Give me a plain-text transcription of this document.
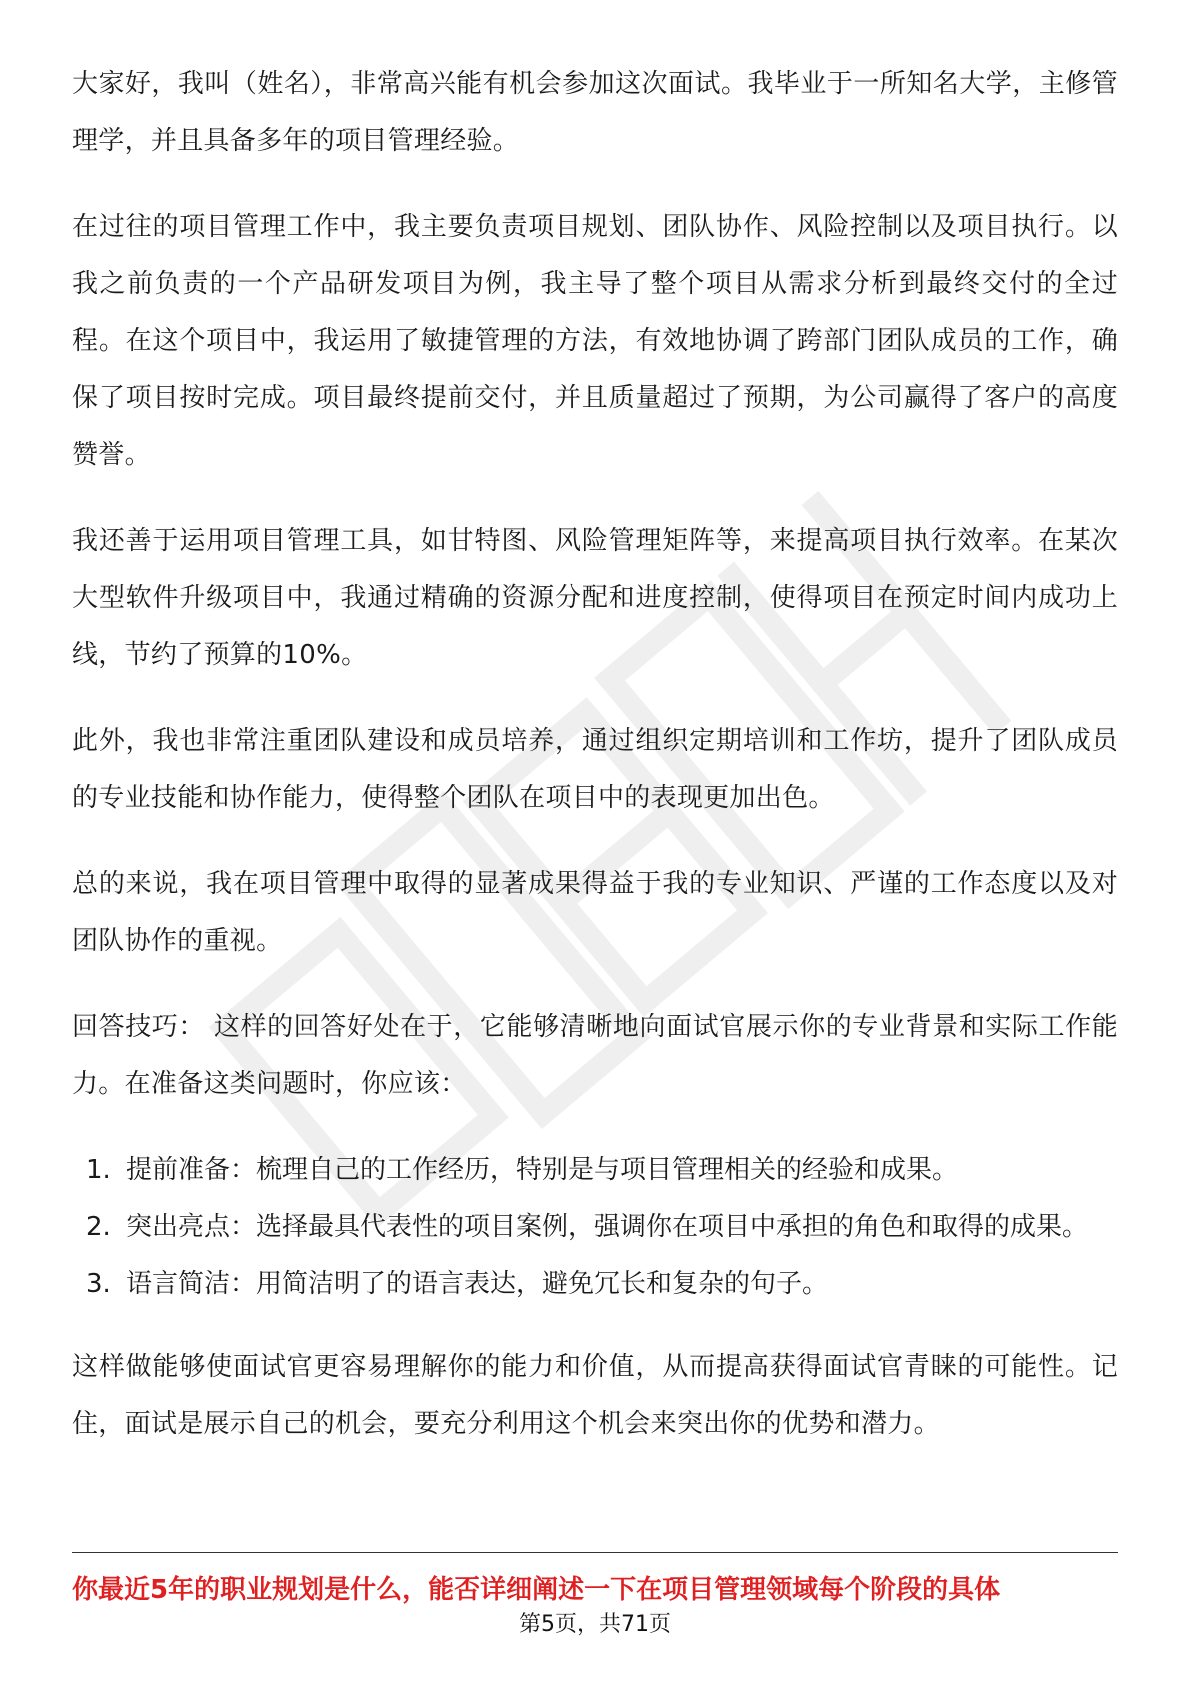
大家好，我叫（姓名），非常高兴能有机会参加这次面试。我毕业于一所知名大学，主修管理学，并且具备多年的项目管理经验。

在过往的项目管理工作中，我主要负责项目规划、团队协作、风险控制以及项目执行。以我之前负责的一个产品研发项目为例，我主导了整个项目从需求分析到最终交付的全过程。在这个项目中，我运用了敏捷管理的方法，有效地协调了跨部门团队成员的工作，确保了项目按时完成。项目最终提前交付，并且质量超过了预期，为公司赢得了客户的高度赞誉。

我还善于运用项目管理工具，如甘特图、风险管理矩阵等，来提高项目执行效率。在某次大型软件升级项目中，我通过精确的资源分配和进度控制，使得项目在预定时间内成功上线，节约了预算的10%。

此外，我也非常注重团队建设和成员培养，通过组织定期培训和工作坊，提升了团队成员的专业技能和协作能力，使得整个团队在项目中的表现更加出色。

总的来说，我在项目管理中取得的显著成果得益于我的专业知识、严谨的工作态度以及对团队协作的重视。

回答技巧： 这样的回答好处在于，它能够清晰地向面试官展示你的专业背景和实际工作能力。在准备这类问题时，你应该：

1. 提前准备：梳理自己的工作经历，特别是与项目管理相关的经验和成果。
2. 突出亮点：选择最具代表性的项目案例，强调你在项目中承担的角色和取得的成果。
3. 语言简洁：用简洁明了的语言表达，避免冗长和复杂的句子。

这样做能够使面试官更容易理解你的能力和价值，从而提高获得面试官青睐的可能性。记住，面试是展示自己的机会，要充分利用这个机会来突出你的优势和潜力。

你最近5年的职业规划是什么，能否详细阐述一下在项目管理领域每个阶段的具体
第5页，共71页
